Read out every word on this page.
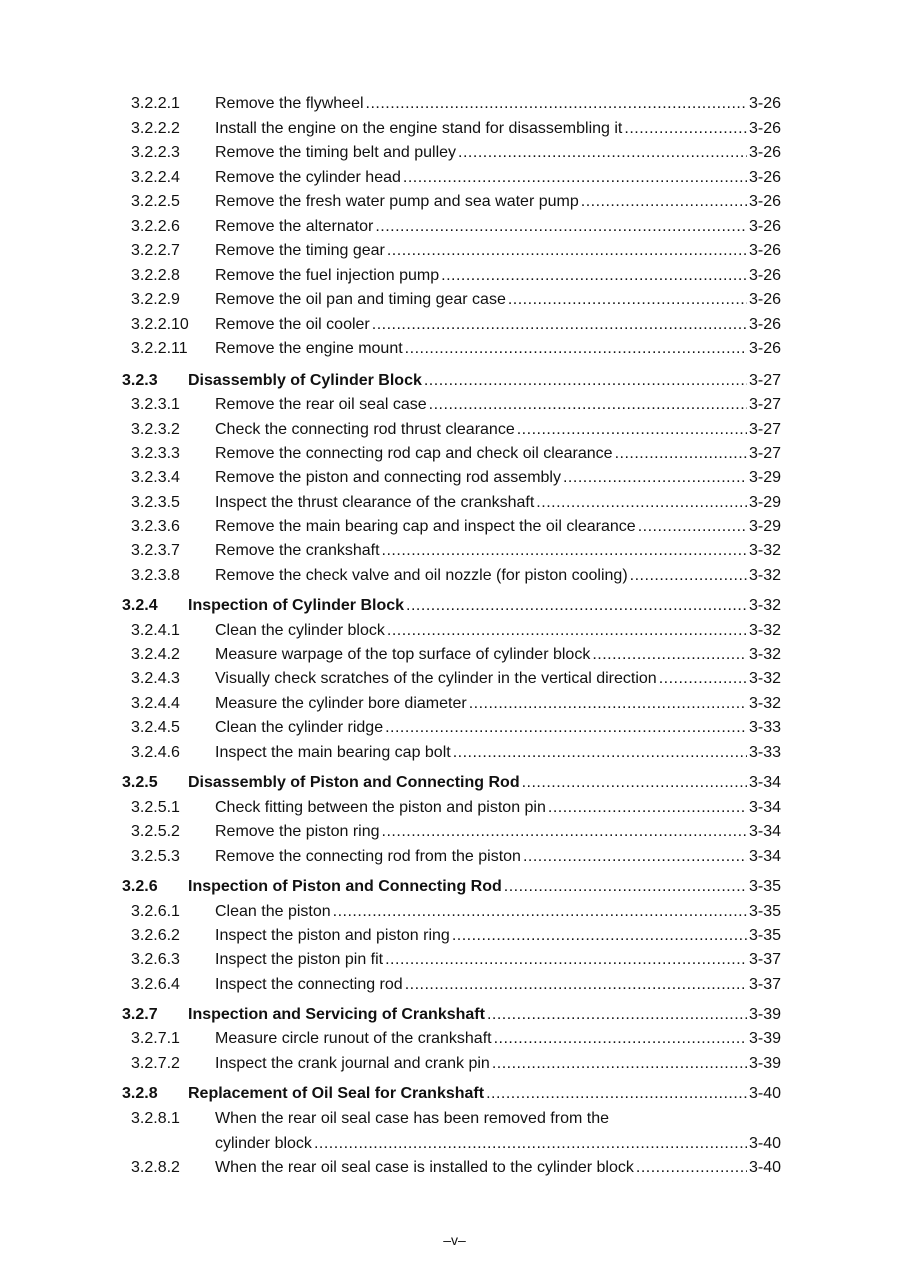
3.2.2.1 Remove the flywheel .....	3-26
3.2.2.2 Install the engine on the engine stand for disassembling it .....	3-26
3.2.2.3 Remove the timing belt and pulley .....	3-26
3.2.2.4 Remove the cylinder head .....	3-26
3.2.2.5 Remove the fresh water pump and sea water pump .....	3-26
3.2.2.6 Remove the alternator .....	3-26
3.2.2.7 Remove the timing gear .....	3-26
3.2.2.8 Remove the fuel injection pump .....	3-26
3.2.2.9 Remove the oil pan and timing gear case .....	3-26
3.2.2.10 Remove the oil cooler .....	3-26
3.2.2.11 Remove the engine mount .....	3-26
3.2.3 Disassembly of Cylinder Block .....	3-27
3.2.3.1 Remove the rear oil seal case .....	3-27
3.2.3.2 Check the connecting rod thrust clearance .....	3-27
3.2.3.3 Remove the connecting rod cap and check oil clearance .....	3-27
3.2.3.4 Remove the piston and connecting rod assembly .....	3-29
3.2.3.5 Inspect the thrust clearance of the crankshaft .....	3-29
3.2.3.6 Remove the main bearing cap and inspect the oil clearance .....	3-29
3.2.3.7 Remove the crankshaft .....	3-32
3.2.3.8 Remove the check valve and oil nozzle (for piston cooling) .....	3-32
3.2.4 Inspection of Cylinder Block .....	3-32
3.2.4.1 Clean the cylinder block .....	3-32
3.2.4.2 Measure warpage of the top surface of cylinder block .....	3-32
3.2.4.3 Visually check scratches of the cylinder in the vertical direction .....	3-32
3.2.4.4 Measure the cylinder bore diameter .....	3-32
3.2.4.5 Clean the cylinder ridge .....	3-33
3.2.4.6 Inspect the main bearing cap bolt .....	3-33
3.2.5 Disassembly of Piston and Connecting Rod .....	3-34
3.2.5.1 Check fitting between the piston and piston pin .....	3-34
3.2.5.2 Remove the piston ring .....	3-34
3.2.5.3 Remove the connecting rod from the piston .....	3-34
3.2.6 Inspection of Piston and Connecting Rod .....	3-35
3.2.6.1 Clean the piston .....	3-35
3.2.6.2 Inspect the piston and piston ring .....	3-35
3.2.6.3 Inspect the piston pin fit .....	3-37
3.2.6.4 Inspect the connecting rod .....	3-37
3.2.7 Inspection and Servicing of Crankshaft .....	3-39
3.2.7.1 Measure circle runout of the crankshaft .....	3-39
3.2.7.2 Inspect the crank journal and crank pin .....	3-39
3.2.8 Replacement of Oil Seal for Crankshaft .....	3-40
3.2.8.1 When the rear oil seal case has been removed from the
cylinder block .....	3-40
3.2.8.2 When the rear oil seal case is installed to the cylinder block .....	3-40
–v–
